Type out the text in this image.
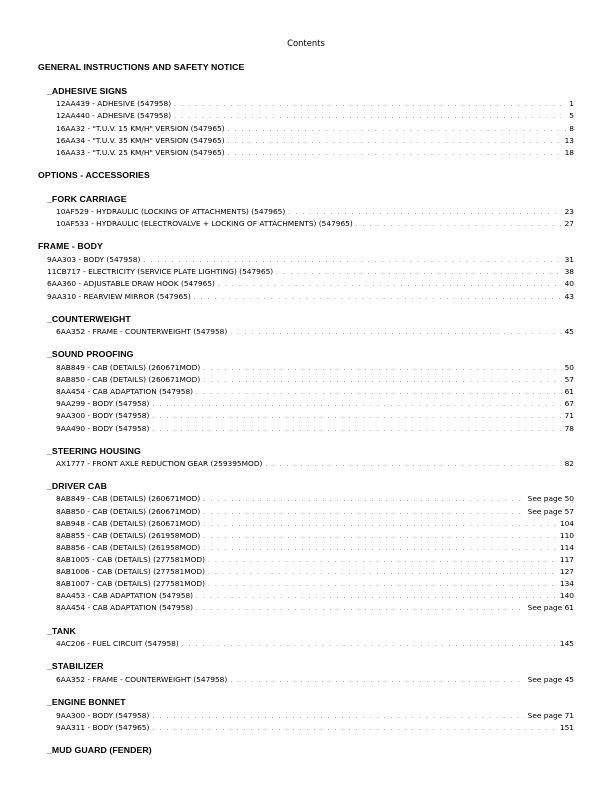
Contents
GENERAL INSTRUCTIONS AND SAFETY NOTICE
_ADHESIVE SIGNS
12AA439 - ADHESIVE (547958) . . .	1
12AA440 - ADHESIVE (547958) . . .	5
16AA32 - "T.U.V. 15 KM/H" VERSION (547965) . . .	8
16AA34 - "T.U.V. 35 KM/H" VERSION (547965) . . .	13
16AA33 - "T.U.V. 25 KM/H" VERSION (547965) . . .	18
OPTIONS - ACCESSORIES
_FORK CARRIAGE
10AF529 - HYDRAULIC (LOCKING OF ATTACHMENTS) (547965) . . .	23
10AF533 - HYDRAULIC (ELECTROVALVE + LOCKING OF ATTACHMENTS) (547965) . . .	27
FRAME - BODY
9AA303 - BODY (547958) . . .	31
11CB717 - ELECTRICITY (SERVICE PLATE LIGHTING) (547965) . . .	38
6AA360 - ADJUSTABLE DRAW HOOK (547965) . . .	40
9AA310 - REARVIEW MIRROR (547965) . . .	43
_COUNTERWEIGHT
6AA352 - FRAME - COUNTERWEIGHT (547958) . . .	45
_SOUND PROOFING
8AB849 - CAB (DETAILS) (260671MOD) . . .	50
8AB850 - CAB (DETAILS) (260671MOD) . . .	57
8AA454 - CAB ADAPTATION (547958) . . .	61
9AA299 - BODY (547958) . . .	67
9AA300 - BODY (547958) . . .	71
9AA490 - BODY (547958) . . .	78
_STEERING HOUSING
AX1777 - FRONT AXLE REDUCTION GEAR (259395MOD) . . .	82
_DRIVER CAB
8AB849 - CAB (DETAILS) (260671MOD) . . .	See page 50
8AB850 - CAB (DETAILS) (260671MOD) . . .	See page 57
8AB948 - CAB (DETAILS) (260671MOD) . . .	104
8AB855 - CAB (DETAILS) (261958MOD) . . .	110
8AB856 - CAB (DETAILS) (261958MOD) . . .	114
8AB1005 - CAB (DETAILS) (277581MOD) . . .	117
8AB1006 - CAB (DETAILS) (277581MOD) . . .	127
8AB1007 - CAB (DETAILS) (277581MOD) . . .	134
8AA453 - CAB ADAPTATION (547958) . . .	140
8AA454 - CAB ADAPTATION (547958) . . .	See page 61
_TANK
4AC206 - FUEL CIRCUIT (547958) . . .	145
_STABILIZER
6AA352 - FRAME - COUNTERWEIGHT (547958) . . .	See page 45
_ENGINE BONNET
9AA300 - BODY (547958) . . .	See page 71
9AA311 - BODY (547965) . . .	151
_MUD GUARD (FENDER)
